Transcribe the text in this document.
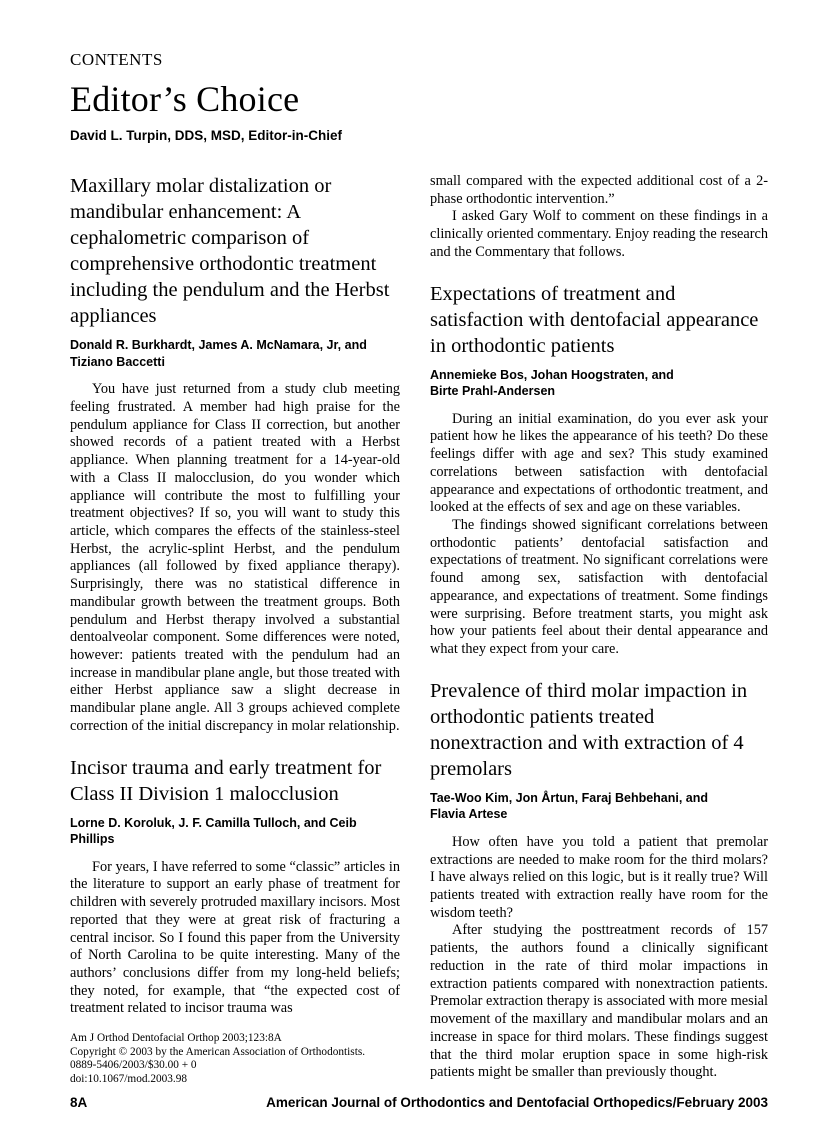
CONTENTS
Editor’s Choice
David L. Turpin, DDS, MSD, Editor-in-Chief
Maxillary molar distalization or mandibular enhancement: A cephalometric comparison of comprehensive orthodontic treatment including the pendulum and the Herbst appliances
Donald R. Burkhardt, James A. McNamara, Jr, and
Tiziano Baccetti

You have just returned from a study club meeting feeling frustrated. A member had high praise for the pendulum appliance for Class II correction, but another showed records of a patient treated with a Herbst appliance. When planning treatment for a 14-year-old with a Class II malocclusion, do you wonder which appliance will contribute the most to fulfilling your treatment objectives? If so, you will want to study this article, which compares the effects of the stainless-steel Herbst, the acrylic-splint Herbst, and the pendulum appliances (all followed by fixed appliance therapy). Surprisingly, there was no statistical difference in mandibular growth between the treatment groups. Both pendulum and Herbst therapy involved a substantial dentoalveolar component. Some differences were noted, however: patients treated with the pendulum had an increase in mandibular plane angle, but those treated with either Herbst appliance saw a slight decrease in mandibular plane angle. All 3 groups achieved complete correction of the initial discrepancy in molar relationship.

Incisor trauma and early treatment for Class II Division 1 malocclusion
Lorne D. Koroluk, J. F. Camilla Tulloch, and Ceib Phillips

For years, I have referred to some “classic” articles in the literature to support an early phase of treatment for children with severely protruded maxillary incisors. Most reported that they were at great risk of fracturing a central incisor. So I found this paper from the University of North Carolina to be quite interesting. Many of the authors’ conclusions differ from my long-held beliefs; they noted, for example, that “the expected cost of treatment related to incisor trauma was

Am J Orthod Dentofacial Orthop 2003;123:8A
Copyright © 2003 by the American Association of Orthodontists.
0889-5406/2003/$30.00 + 0
doi:10.1067/mod.2003.98

small compared with the expected additional cost of a 2-phase orthodontic intervention.”

I asked Gary Wolf to comment on these findings in a clinically oriented commentary. Enjoy reading the research and the Commentary that follows.

Expectations of treatment and satisfaction with dentofacial appearance in orthodontic patients
Annemieke Bos, Johan Hoogstraten, and
Birte Prahl-Andersen

During an initial examination, do you ever ask your patient how he likes the appearance of his teeth? Do these feelings differ with age and sex? This study examined correlations between satisfaction with dentofacial appearance and expectations of orthodontic treatment, and looked at the effects of sex and age on these variables.

The findings showed significant correlations between orthodontic patients’ dentofacial satisfaction and expectations of treatment. No significant correlations were found among sex, satisfaction with dentofacial appearance, and expectations of treatment. Some findings were surprising. Before treatment starts, you might ask how your patients feel about their dental appearance and what they expect from your care.

Prevalence of third molar impaction in orthodontic patients treated nonextraction and with extraction of 4 premolars
Tae-Woo Kim, Jon Årtun, Faraj Behbehani, and
Flavia Artese

How often have you told a patient that premolar extractions are needed to make room for the third molars? I have always relied on this logic, but is it really true? Will patients treated with extraction really have room for the wisdom teeth?

After studying the posttreatment records of 157 patients, the authors found a clinically significant reduction in the rate of third molar impactions in extraction patients compared with nonextraction patients. Premolar extraction therapy is associated with more mesial movement of the maxillary and mandibular molars and an increase in space for third molars. These findings suggest that the third molar eruption space in some high-risk patients might be smaller than previously thought.

8A	American Journal of Orthodontics and Dentofacial Orthopedics/February 2003
